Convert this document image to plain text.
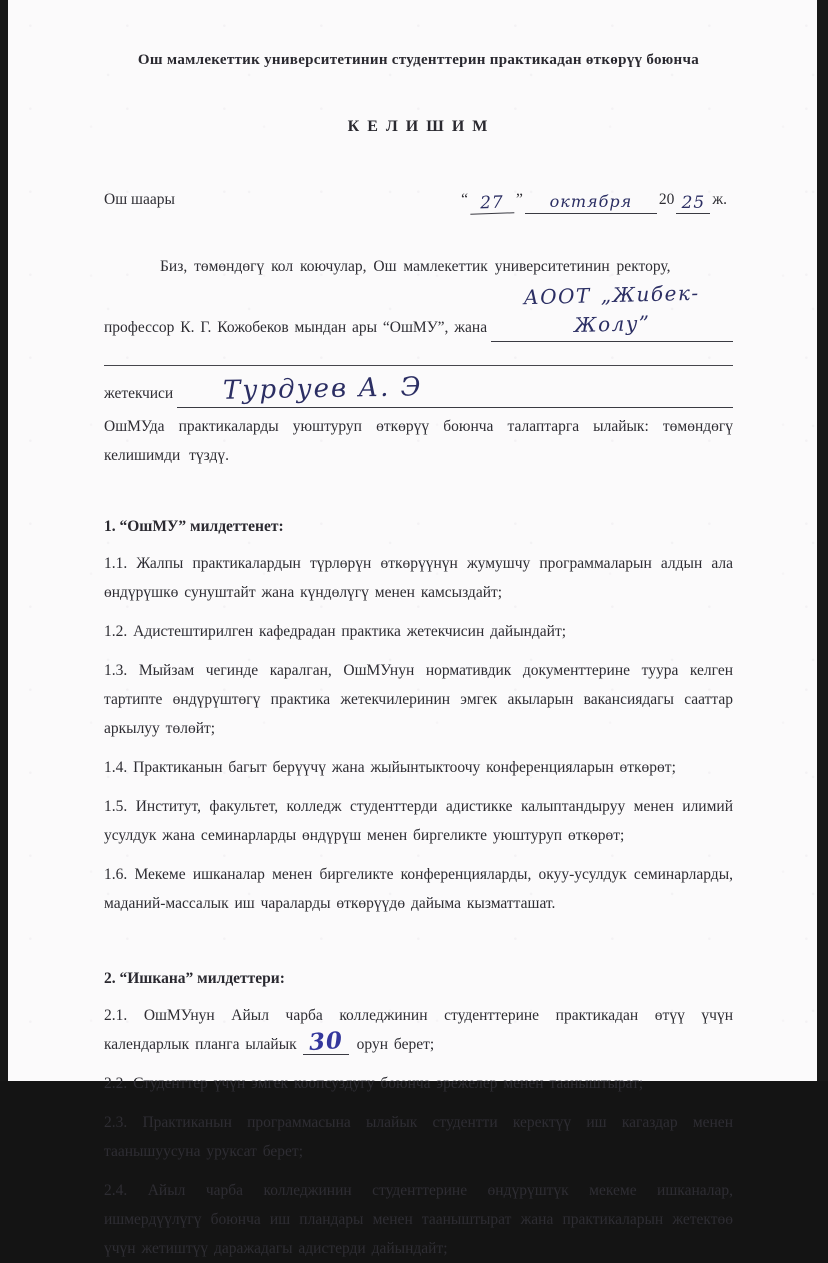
Ош мамлекеттик университетинин студенттерин практикадан өткөрүү боюнча
К Е Л И Ш И М
Ош шаары	“ 27 ”	октября	20 25 ж.
Биз, төмөндөгү кол коючулар, Ош мамлекеттик университетинин ректору,
профессор К. Г. Кожобеков мындан ары “ОшМУ”, жана
АООТ „Жибек-Жолу”
жетекчиси	Турдуев А. Э
ОшМУда практикаларды уюштуруп өткөрүү боюнча талаптарга ылайык: төмөндөгү келишимди түздү.
1. “ОшМУ” милдеттенет:

1.1. Жалпы практикалардын түрлөрүн өткөрүүнүн жумушчу программаларын алдын ала өндүрүшкө сунуштайт жана күндөлүгү менен камсыздайт;

1.2. Адистештирилген кафедрадан практика жетекчисин дайындайт;

1.3. Мыйзам чегинде каралган, ОшМУнун нормативдик документтерине туура келген тартипте өндүрүштөгү практика жетекчилеринин эмгек акыларын вакансиядагы сааттар аркылуу төлөйт;

1.4. Практиканын багыт берүүчү жана жыйынтыктоочу конференцияларын өткөрөт;

1.5. Институт, факультет, колледж студенттерди адистикке калыптандыруу менен илимий усулдук жана семинарларды өндүрүш менен биргеликте уюштуруп өткөрөт;

1.6. Мекеме ишканалар менен биргеликте конференцияларды, окуу-усулдук семинарларды, маданий-массалык иш чараларды өткөрүүдө дайыма кызматташат.

2. “Ишкана” милдеттери:

2.1. ОшМУнун Айыл чарба колледжинин студенттерине практикадан өтүү үчүн календарлык планга ылайык 30 орун берет;

2.2. Студенттер үчүн эмгек коопсуздугу боюнча эрежелер менен тааныштырат;

2.3. Практиканын программасына ылайык студентти керектүү иш кагаздар менен таанышуусуна уруксат берет;

2.4. Айыл чарба колледжинин студенттерине өндүрүштүк мекеме ишканалар, ишмердүүлүгү боюнча иш пландары менен тааныштырат жана практикаларын жетектөө үчүн жетиштүү даражадагы адистерди дайындайт;
